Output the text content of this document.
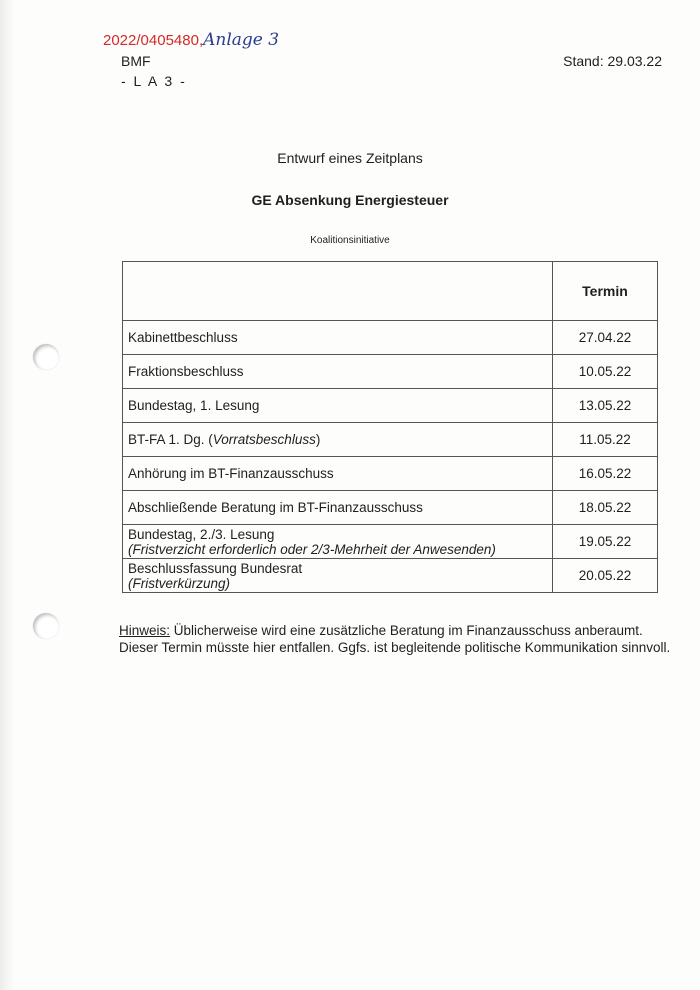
2022/0405480,Anlage 3
BMF
- L A 3 -
Stand: 29.03.22
Entwurf eines Zeitplans
GE Absenkung Energiesteuer
Koalitionsinitiative
	Termin
Kabinettbeschluss	27.04.22
Fraktionsbeschluss	10.05.22
Bundestag, 1. Lesung	13.05.22
BT-FA 1. Dg. (Vorratsbeschluss)	11.05.22
Anhörung im BT-Finanzausschuss	16.05.22
Abschließende Beratung im BT-Finanzausschuss	18.05.22
Bundestag, 2./3. Lesung
(Fristverzicht erforderlich oder 2/3-Mehrheit der Anwesenden)	19.05.22
Beschlussfassung Bundesrat
(Fristverkürzung)	20.05.22
Hinweis: Üblicherweise wird eine zusätzliche Beratung im Finanzausschuss anberaumt. Dieser Termin müsste hier entfallen. Ggfs. ist begleitende politische Kommunikation sinnvoll.
